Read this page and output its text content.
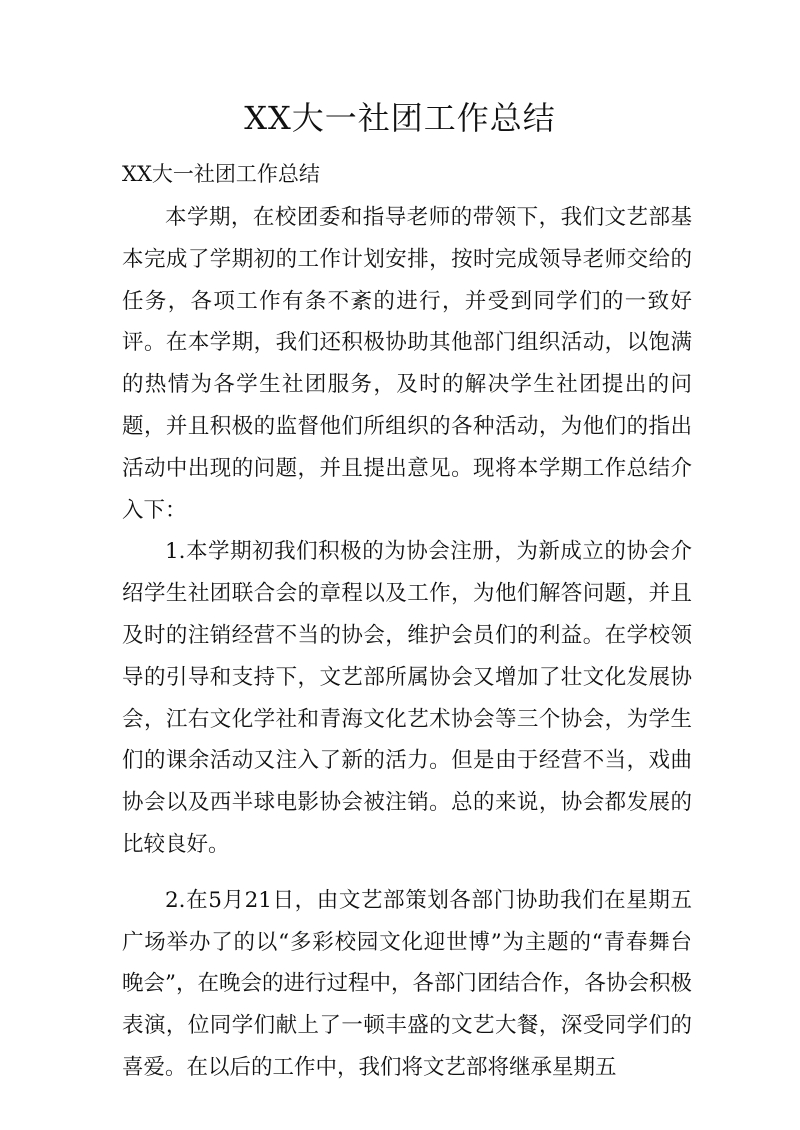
XX大一社团工作总结

XX大一社团工作总结

本学期，在校团委和指导老师的带领下，我们文艺部基本完成了学期初的工作计划安排，按时完成领导老师交给的任务，各项工作有条不紊的进行，并受到同学们的一致好评。在本学期，我们还积极协助其他部门组织活动，以饱满的热情为各学生社团服务，及时的解决学生社团提出的问题，并且积极的监督他们所组织的各种活动，为他们的指出活动中出现的问题，并且提出意见。现将本学期工作总结介入下：

1.本学期初我们积极的为协会注册，为新成立的协会介绍学生社团联合会的章程以及工作，为他们解答问题，并且及时的注销经营不当的协会，维护会员们的利益。在学校领导的引导和支持下，文艺部所属协会又增加了壮文化发展协会，江右文化学社和青海文化艺术协会等三个协会，为学生们的课余活动又注入了新的活力。但是由于经营不当，戏曲协会以及西半球电影协会被注销。总的来说，协会都发展的比较良好。

2.在5月21日，由文艺部策划各部门协助我们在星期五广场举办了的以“多彩校园文化迎世博”为主题的“青春舞台晚会”，在晚会的进行过程中，各部门团结合作，各协会积极表演，位同学们献上了一顿丰盛的文艺大餐，深受同学们的喜爱。在以后的工作中，我们将文艺部将继承星期五
